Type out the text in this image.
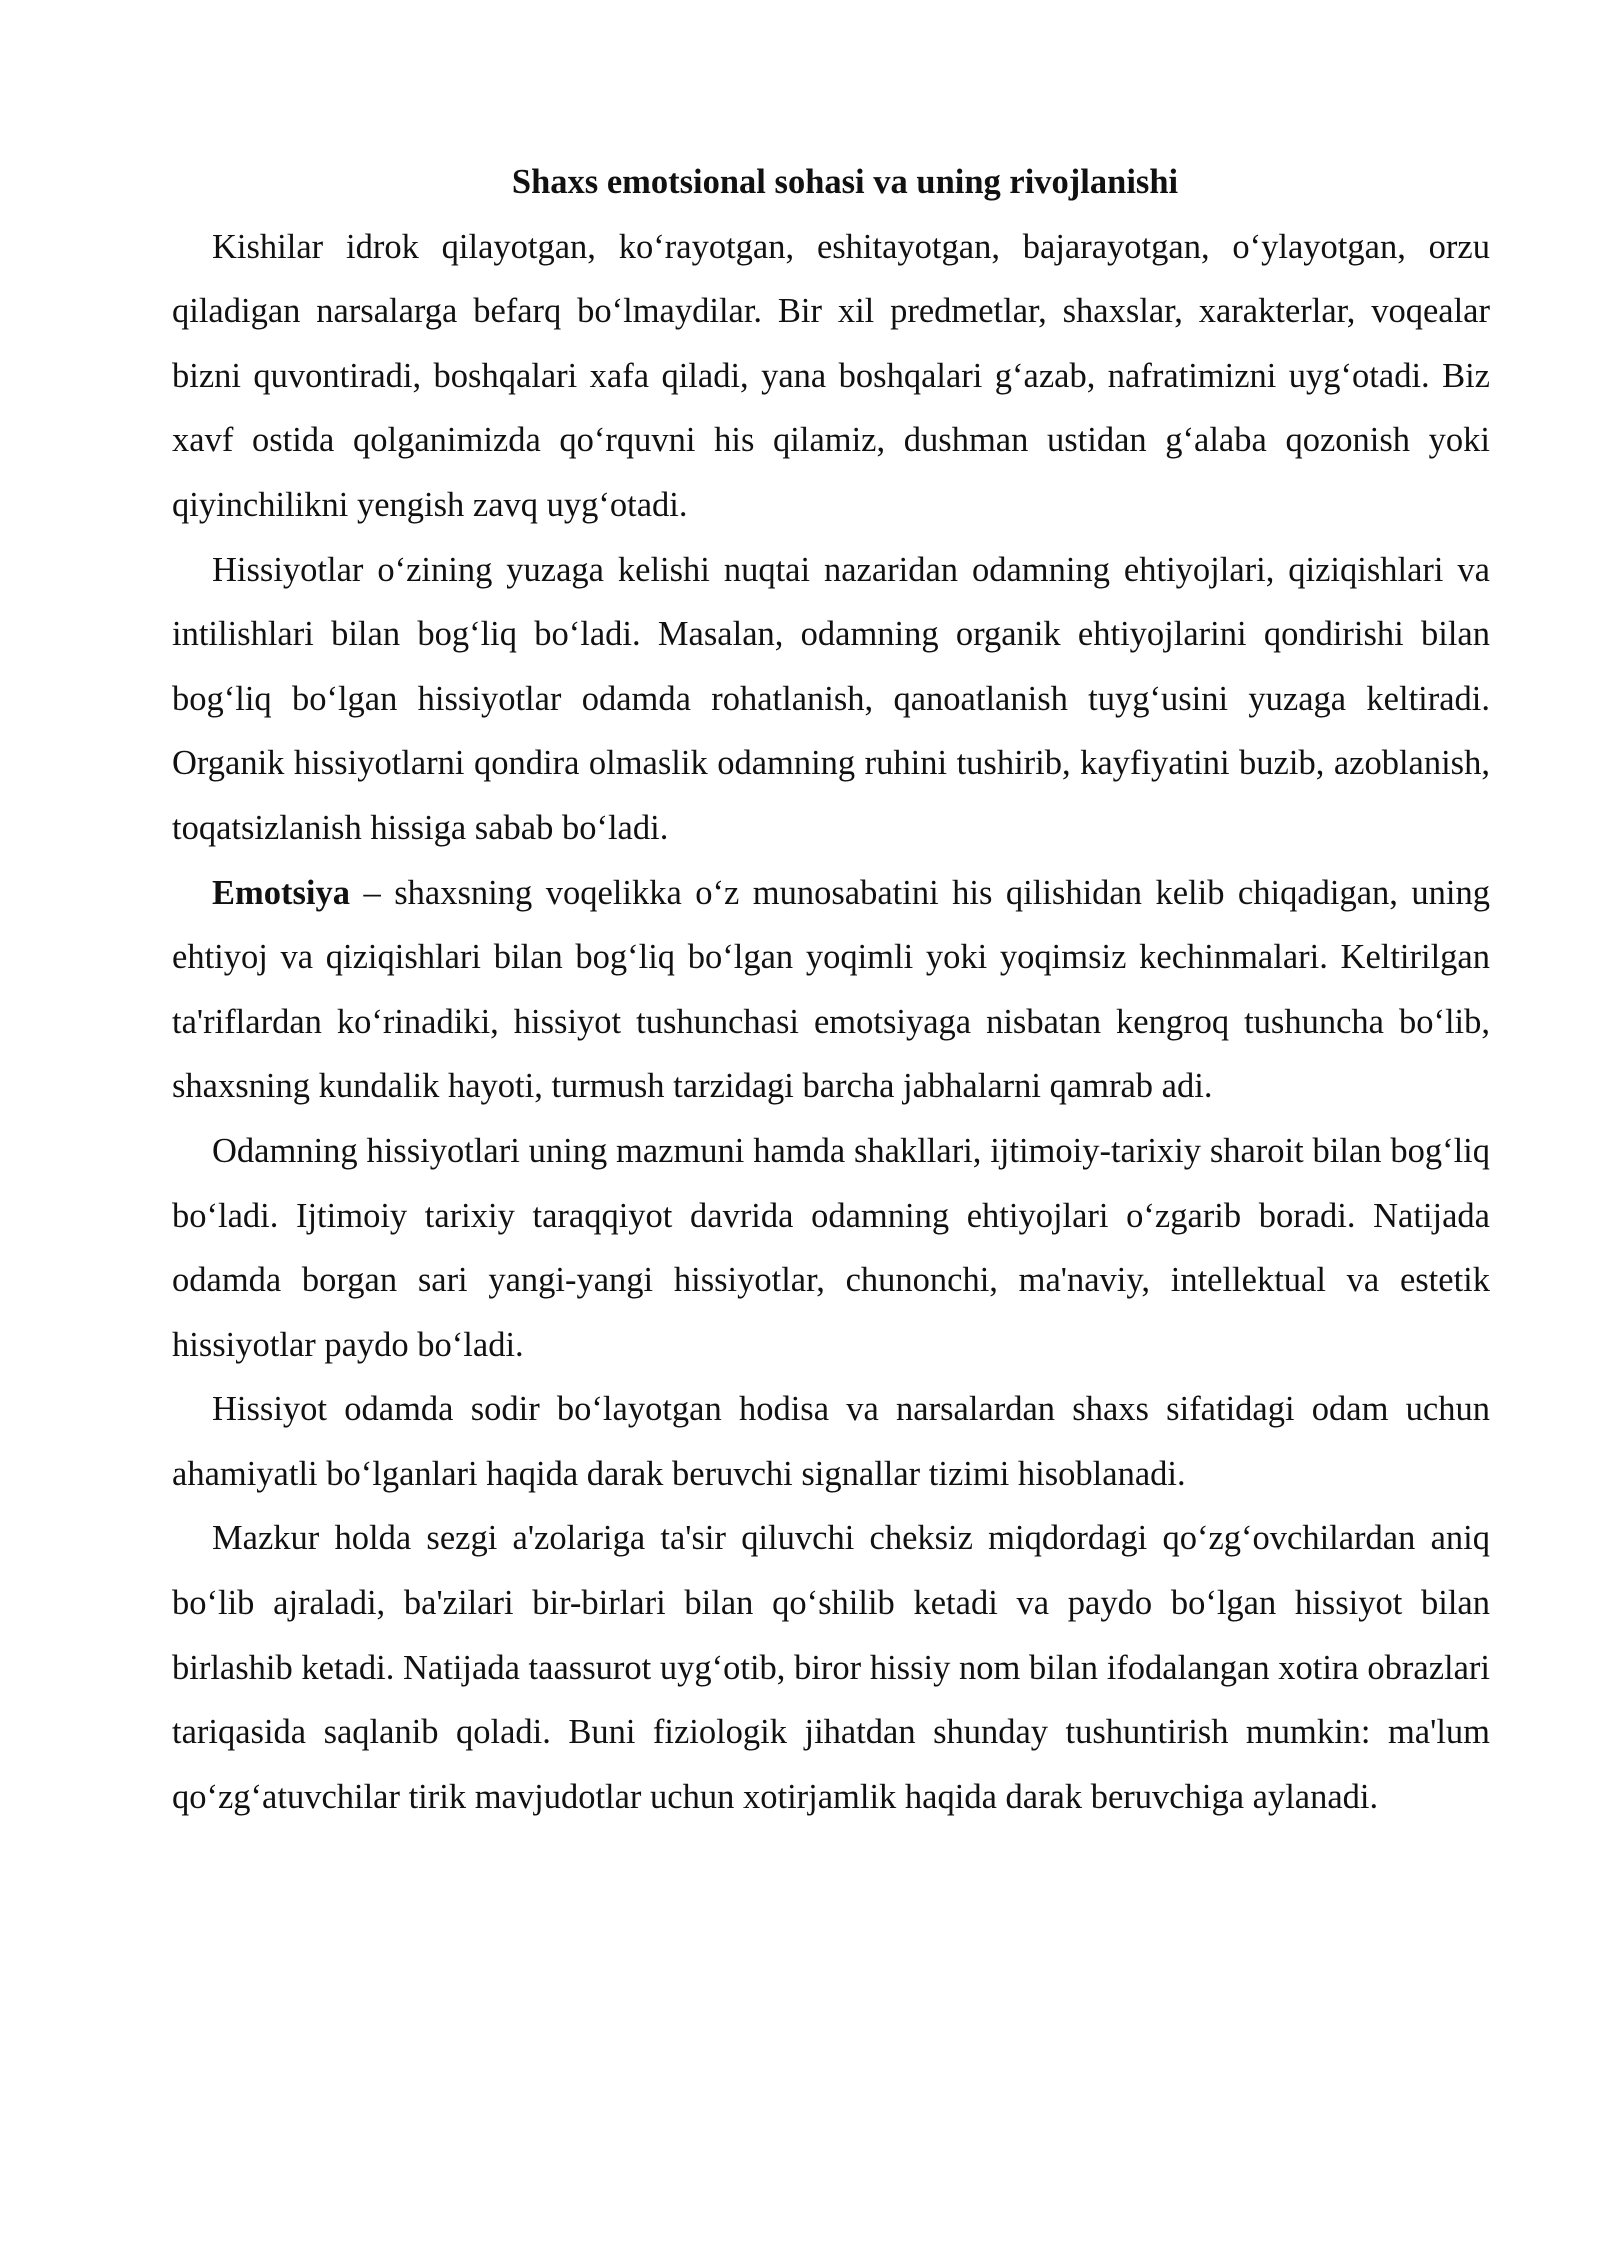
Shaxs emotsional sohasi va uning rivojlanishi

Kishilar idrok qilayotgan, ko‘rayotgan, eshitayotgan, bajarayotgan, o‘ylayotgan, orzu qiladigan narsalarga befarq bo‘lmaydilar. Bir xil predmetlar, shaxslar, xarakterlar, voqealar bizni quvontiradi, boshqalari xafa qiladi, yana boshqalari g‘azab, nafratimizni uyg‘otadi. Biz xavf ostida qolganimizda qo‘rquvni his qilamiz, dushman ustidan g‘alaba qozonish yoki qiyinchilikni yengish zavq uyg‘otadi.

Hissiyotlar o‘zining yuzaga kelishi nuqtai nazaridan odamning ehtiyojlari, qiziqishlari va intilishlari bilan bog‘liq bo‘ladi. Masalan, odamning organik ehtiyojlarini qondirishi bilan bog‘liq bo‘lgan hissiyotlar odamda rohatlanish, qanoatlanish tuyg‘usini yuzaga keltiradi. Organik hissiyotlarni qondira olmaslik odamning ruhini tushirib, kayfiyatini buzib, azoblanish, toqatsizlanish hissiga sabab bo‘ladi.

Emotsiya – shaxsning voqelikka o‘z munosabatini his qilishidan kelib chiqadigan, uning ehtiyoj va qiziqishlari bilan bog‘liq bo‘lgan yoqimli yoki yoqimsiz kechinmalari. Keltirilgan ta'riflardan ko‘rinadiki, hissiyot tushunchasi emotsiyaga nisbatan kengroq tushuncha bo‘lib, shaxsning kundalik hayoti, turmush tarzidagi barcha jabhalarni qamrab adi.

Odamning hissiyotlari uning mazmuni hamda shakllari, ijtimoiy-tarixiy sharoit bilan bog‘liq bo‘ladi. Ijtimoiy tarixiy taraqqiyot davrida odamning ehtiyojlari o‘zgarib boradi. Natijada odamda borgan sari yangi-yangi hissiyotlar, chunonchi, ma'naviy, intellektual va estetik hissiyotlar paydo bo‘ladi.

Hissiyot odamda sodir bo‘layotgan hodisa va narsalardan shaxs sifatidagi odam uchun ahamiyatli bo‘lganlari haqida darak beruvchi signallar tizimi hisoblanadi.

Mazkur holda sezgi a'zolariga ta'sir qiluvchi cheksiz miqdordagi qo‘zg‘ovchilardan aniq bo‘lib ajraladi, ba'zilari bir-birlari bilan qo‘shilib ketadi va paydo bo‘lgan hissiyot bilan birlashib ketadi. Natijada taassurot uyg‘otib, biror hissiy nom bilan ifodalangan xotira obrazlari tariqasida saqlanib qoladi. Buni fiziologik jihatdan shunday tushuntirish mumkin: ma'lum qo‘zg‘atuvchilar tirik mavjudotlar uchun xotirjamlik haqida darak beruvchiga aylanadi.
